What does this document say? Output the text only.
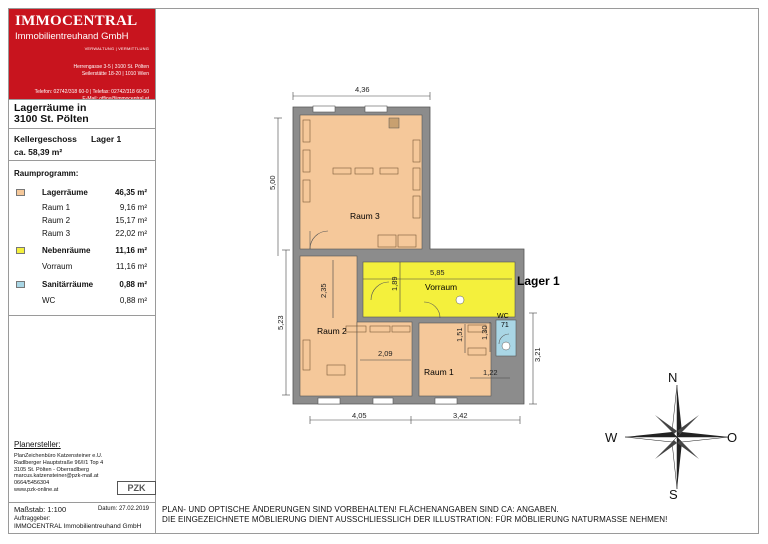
IMMOCENTRAL
Immobilientreuhand GmbH
VERWALTUNG | VERMITTLUNG
Herrengasse 3-5 | 3100 St. Pölten
Seilerstätte 18-20 | 1010 Wien
Telefon: 02742/318 60-0 | Telefax: 02742/318 60-50
E-Mail: office@immocentral.at
Lagerräume in
3100 St. Pölten
Kellergeschoss Lager 1
ca. 58,39 m²
Raumprogramm:
Lagerräume	46,35 m²
Raum 1	9,16 m²
Raum 2	15,17 m²
Raum 3	22,02 m²
Nebenräume	11,16 m²
Vorraum	11,16 m²
Sanitärräume	0,88 m²
WC	0,88 m²
Planersteller:
PlanZeichenbüro Katzensteiner e.U.
Radlberger Hauptstraße 96/I/1 Top 4
3105 St. Pölten - Oberradlberg
marcus.katzensteiner@pzk-mail.at
0664/5456304
www.pzk-online.at	PZK
Maßstab: 1:100	Datum: 27.02.2019
Auftraggeber:
IMMOCENTRAL Immobilientreuhand GmbH
PLAN- UND OPTISCHE ÄNDERUNGEN SIND VORBEHALTEN! FLÄCHENANGABEN SIND CA: ANGABEN.
DIE EINGEZEICHNETE MÖBLIERUNG DIENT AUSSCHLIESSLICH DER ILLUSTRATION: FÜR MÖBLIERUNG NATURMASSE NEHMEN!
Raum 3
Raum 2
Raum 1
Vorraum
WC
71
Lager 1
4,36
5,00
5,23
4,05	3,42
3,21
5,85
2,35
2,09
1,89
1,51 1,30
1,22	N
S
W	O
